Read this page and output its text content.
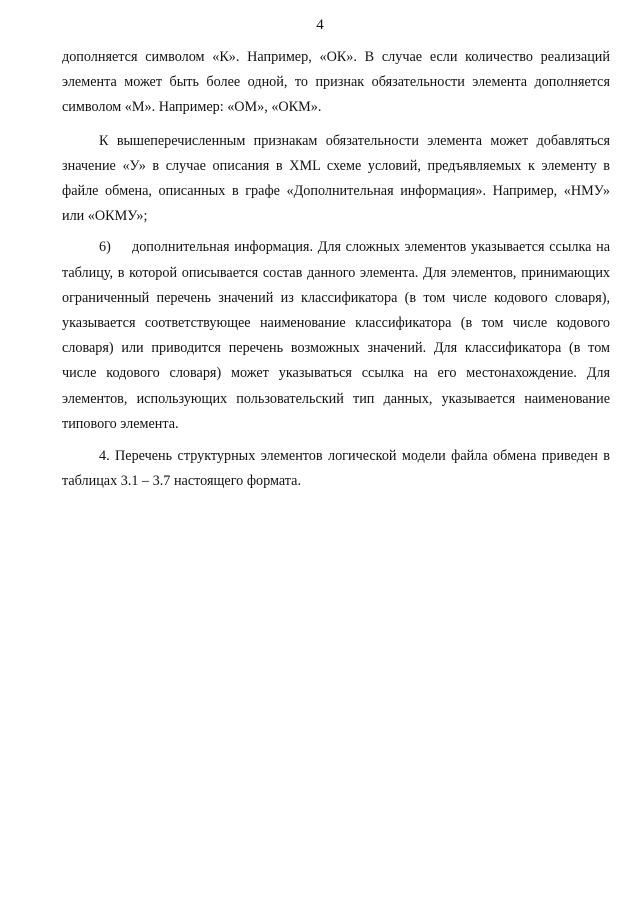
4

дополняется символом «К». Например, «ОК». В случае если количество реализаций элемента может быть более одной, то признак обязательности элемента дополняется символом «М». Например: «ОМ», «ОКМ».

К вышеперечисленным признакам обязательности элемента может добавляться значение «У» в случае описания в XML схеме условий, предъявляемых к элементу в файле обмена, описанных в графе «Дополнительная информация». Например, «НМУ» или «ОКМУ»;

6) дополнительная информация. Для сложных элементов указывается ссылка на таблицу, в которой описывается состав данного элемента. Для элементов, принимающих ограниченный перечень значений из классификатора (в том числе кодового словаря), указывается соответствующее наименование классификатора (в том числе кодового словаря) или приводится перечень возможных значений. Для классификатора (в том числе кодового словаря) может указываться ссылка на его местонахождение. Для элементов, использующих пользовательский тип данных, указывается наименование типового элемента.

4. Перечень структурных элементов логической модели файла обмена приведен в таблицах 3.1 – 3.7 настоящего формата.
